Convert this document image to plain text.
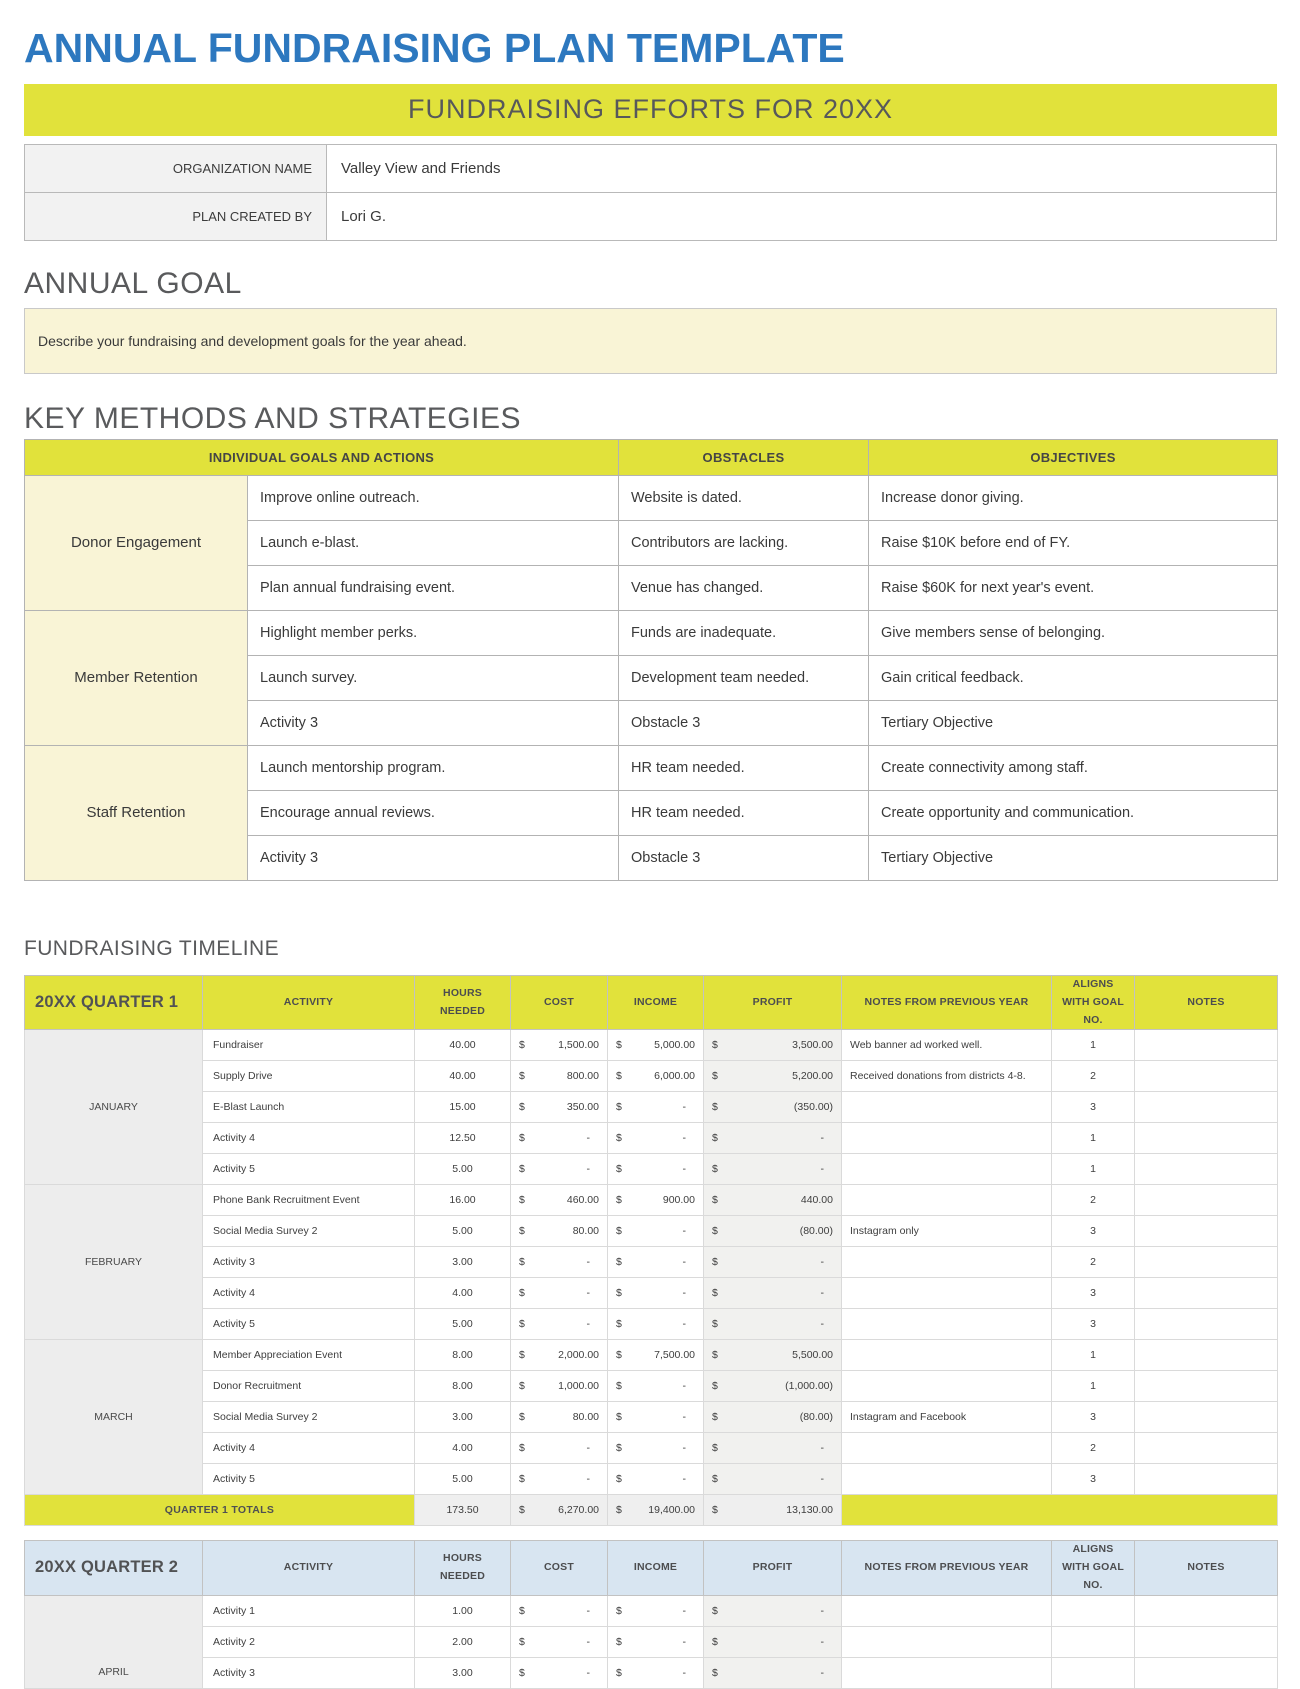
ANNUAL FUNDRAISING PLAN TEMPLATE
FUNDRAISING EFFORTS FOR 20XX
ORGANIZATION NAME	Valley View and Friends
PLAN CREATED BY	Lori G.
ANNUAL GOAL
Describe your fundraising and development goals for the year ahead.
KEY METHODS AND STRATEGIES
INDIVIDUAL GOALS AND ACTIONS		OBSTACLES	OBJECTIVES
Donor Engagement	Improve online outreach.	Website is dated.	Increase donor giving.
	Launch e-blast.	Contributors are lacking.	Raise $10K before end of FY.
	Plan annual fundraising event.	Venue has changed.	Raise $60K for next year's event.
Member Retention	Highlight member perks.	Funds are inadequate.	Give members sense of belonging.
	Launch survey.	Development team needed.	Gain critical feedback.
	Activity 3	Obstacle 3	Tertiary Objective
Staff Retention	Launch mentorship program.	HR team needed.	Create connectivity among staff.
	Encourage annual reviews.	HR team needed.	Create opportunity and communication.
	Activity 3	Obstacle 3	Tertiary Objective
FUNDRAISING TIMELINE
20XX QUARTER 1	ACTIVITY	HOURS NEEDED	COST	INCOME	PROFIT	NOTES FROM PREVIOUS YEAR	ALIGNS WITH GOAL NO.	NOTES
JANUARY	Fundraiser	40.00	$ 1,500.00	$ 5,000.00	$ 3,500.00	Web banner ad worked well.	1	
	Supply Drive	40.00	$ 800.00	$ 6,000.00	$ 5,200.00	Received donations from districts 4-8.	2	
	E-Blast Launch	15.00	$ 350.00	$ -	$ (350.00)		3	
	Activity 4	12.50	$ -	$ -	$ -		1	
	Activity 5	5.00	$ -	$ -	$ -		1	
FEBRUARY	Phone Bank Recruitment Event	16.00	$ 460.00	$ 900.00	$ 440.00		2	
	Social Media Survey 2	5.00	$ 80.00	$ -	$ (80.00)	Instagram only	3	
	Activity 3	3.00	$ -	$ -	$ -		2	
	Activity 4	4.00	$ -	$ -	$ -		3	
	Activity 5	5.00	$ -	$ -	$ -		3	
MARCH	Member Appreciation Event	8.00	$ 2,000.00	$ 7,500.00	$ 5,500.00		1	
	Donor Recruitment	8.00	$ 1,000.00	$ -	$ (1,000.00)		1	
	Social Media Survey 2	3.00	$ 80.00	$ -	$ (80.00)	Instagram and Facebook	3	
	Activity 4	4.00	$ -	$ -	$ -		2	
	Activity 5	5.00	$ -	$ -	$ -		3	
QUARTER 1 TOTALS		173.50	$ 6,270.00	$ 19,400.00	$ 13,130.00			
20XX QUARTER 2	ACTIVITY	HOURS NEEDED	COST	INCOME	PROFIT	NOTES FROM PREVIOUS YEAR	ALIGNS WITH GOAL NO.	NOTES
APRIL	Activity 1	1.00	$ -	$ -	$ -			
	Activity 2	2.00	$ -	$ -	$ -			
	Activity 3	3.00	$ -	$ -	$ -			
